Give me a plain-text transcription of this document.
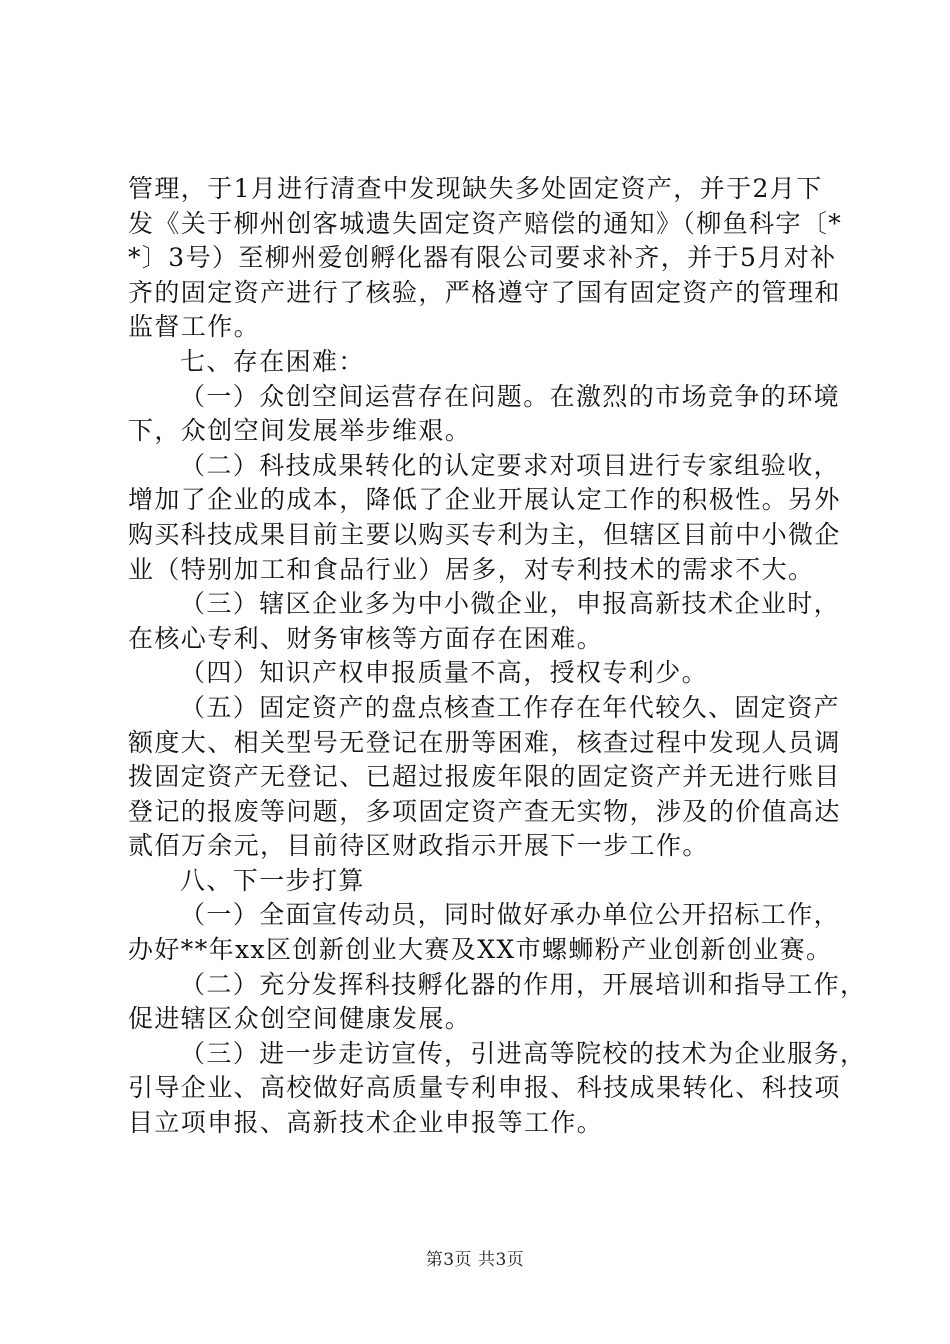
管理，于1月进行清查中发现缺失多处固定资产，并于2月下
发《关于柳州创客城遗失固定资产赔偿的通知》（柳鱼科字〔*
*〕3号）至柳州爱创孵化器有限公司要求补齐，并于5月对补
齐的固定资产进行了核验，严格遵守了国有固定资产的管理和
监督工作。
七、存在困难：
（一）众创空间运营存在问题。在激烈的市场竞争的环境
下，众创空间发展举步维艰。
（二）科技成果转化的认定要求对项目进行专家组验收，
增加了企业的成本，降低了企业开展认定工作的积极性。另外
购买科技成果目前主要以购买专利为主，但辖区目前中小微企
业（特别加工和食品行业）居多，对专利技术的需求不大。
（三）辖区企业多为中小微企业，申报高新技术企业时，
在核心专利、财务审核等方面存在困难。
（四）知识产权申报质量不高，授权专利少。
（五）固定资产的盘点核查工作存在年代较久、固定资产
额度大、相关型号无登记在册等困难，核查过程中发现人员调
拨固定资产无登记、已超过报废年限的固定资产并无进行账目
登记的报废等问题，多项固定资产查无实物，涉及的价值高达
贰佰万余元，目前待区财政指示开展下一步工作。
八、下一步打算
（一）全面宣传动员，同时做好承办单位公开招标工作，
办好**年xx区创新创业大赛及XX市螺蛳粉产业创新创业赛。
（二）充分发挥科技孵化器的作用，开展培训和指导工作，
促进辖区众创空间健康发展。
（三）进一步走访宣传，引进高等院校的技术为企业服务，
引导企业、高校做好高质量专利申报、科技成果转化、科技项
目立项申报、高新技术企业申报等工作。
第3页 共3页
